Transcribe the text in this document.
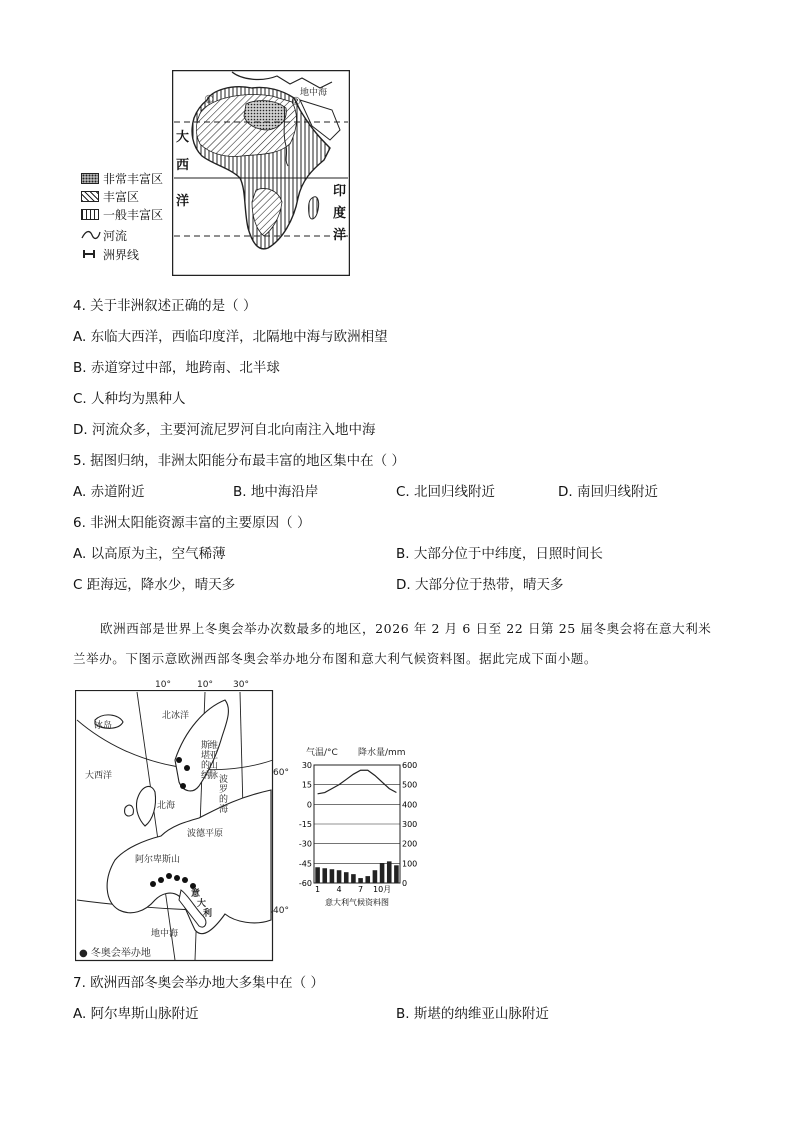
非常丰富区
丰富区
一般丰富区
河流
洲界线
地中海
①	②
大
西
洋
印
度
洋
4. 关于非洲叙述正确的是（ ）
A. 东临大西洋，西临印度洋，北隔地中海与欧洲相望
B. 赤道穿过中部，地跨南、北半球
C. 人种均为黑种人
D. 河流众多，主要河流尼罗河自北向南注入地中海
5. 据图归纳，非洲太阳能分布最丰富的地区集中在（ ）
A. 赤道附近	B. 地中海沿岸	C. 北回归线附近	D. 南回归线附近
6. 非洲太阳能资源丰富的主要原因（ ）
A. 以高原为主，空气稀薄	B. 大部分位于中纬度，日照时间长
C 距海远，降水少，晴天多	D. 大部分位于热带，晴天多
欧洲西部是世界上冬奥会举办次数最多的地区，2026 年 2 月 6 日至 22 日第 25 届冬奥会将在意大利米
兰举办。下图示意欧洲西部冬奥会举办地分布图和意大利气候资料图。据此完成下面小题。
10°	10° 30°
60°
40°
冰岛
北冰洋
大西洋
北海
波德平原
阿尔卑斯山
意
大
利
地中海
斯
堪
的
纳
维
亚
山
脉 波
罗
的
海
● 冬奥会举办地
气温/°C 降水量/mm
30	600
15	500
0	400
-15	300
-30	200
-45	100
-60	0
1 4 7 10月
意大利气候资料图
7. 欧洲西部冬奥会举办地大多集中在（ ）
A. 阿尔卑斯山脉附近	B. 斯堪的纳维亚山脉附近
